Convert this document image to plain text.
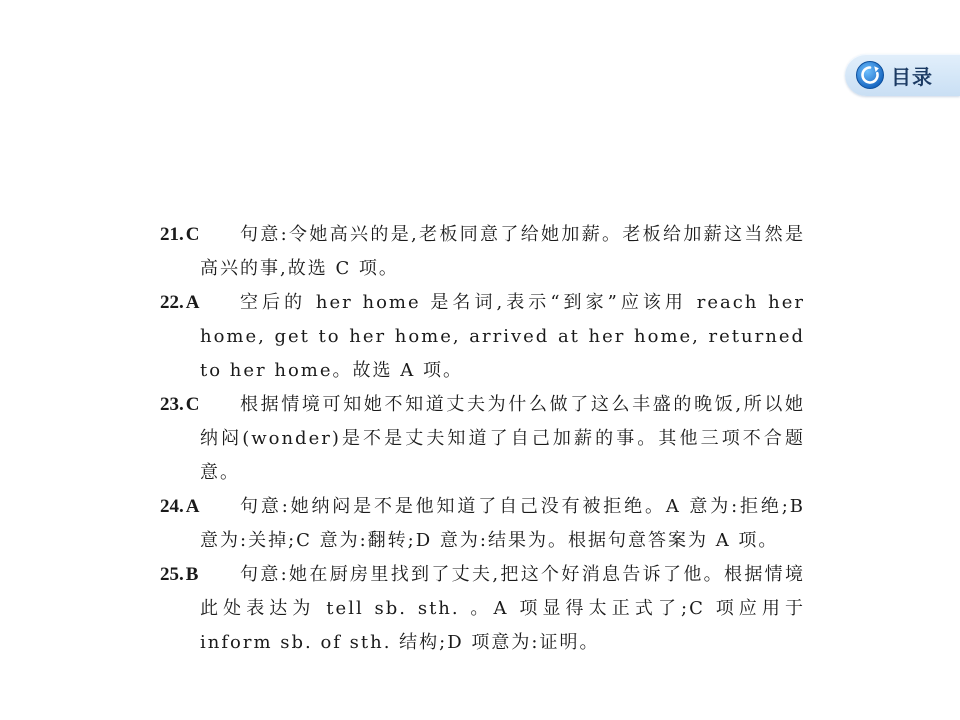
目录
21. C	句意:令她高兴的是,老板同意了给她加薪。老板给加薪这当然是高兴的事,故选 C 项。
22. A	空后的 her home 是名词,表示“到家”应该用 reach her home, get to her home, arrived at her home, returned to her home。故选 A 项。
23. C	根据情境可知她不知道丈夫为什么做了这么丰盛的晚饭,所以她纳闷(wonder)是不是丈夫知道了自己加薪的事。其他三项不合题意。
24. A	句意:她纳闷是不是他知道了自己没有被拒绝。A 意为:拒绝;B 意为:关掉;C 意为:翻转;D 意为:结果为。根据句意答案为 A 项。
25. B	句意:她在厨房里找到了丈夫,把这个好消息告诉了他。根据情境此处表达为 tell sb. sth. 。A 项显得太正式了;C 项应用于 inform sb. of sth. 结构;D 项意为:证明。
